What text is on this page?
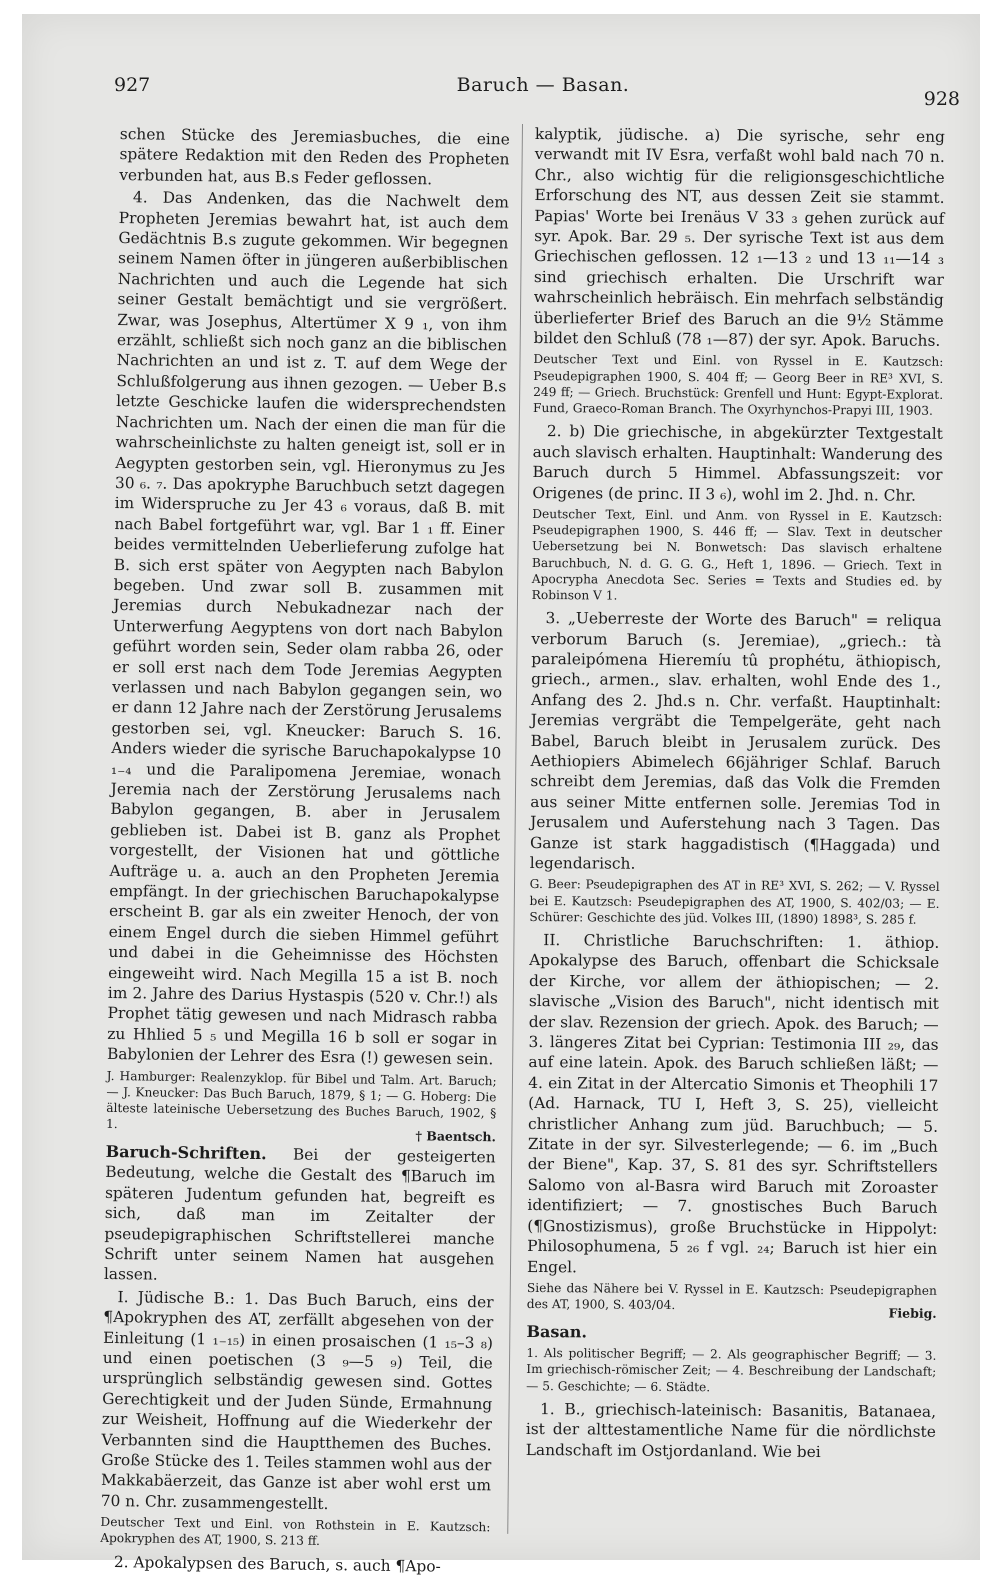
927	Baruch — Basan.
928

schen Stücke des Jeremiasbuches, die eine spätere Redaktion mit den Reden des Propheten verbunden hat, aus B.s Feder geflossen.

4. Das Andenken, das die Nachwelt dem Propheten Jeremias bewahrt hat, ist auch dem Gedächtnis B.s zugute gekommen. Wir begegnen seinem Namen öfter in jüngeren außerbiblischen Nachrichten und auch die Legende hat sich seiner Gestalt bemächtigt und sie vergrößert. Zwar, was Josephus, Altertümer X 9 ₁, von ihm erzählt, schließt sich noch ganz an die biblischen Nachrichten an und ist z. T. auf dem Wege der Schlußfolgerung aus ihnen gezogen. — Ueber B.s letzte Geschicke laufen die widersprechendsten Nachrichten um. Nach der einen die man für die wahrscheinlichste zu halten geneigt ist, soll er in Aegypten gestorben sein, vgl. Hieronymus zu Jes 30 ₆. ₇. Das apokryphe Baruchbuch setzt dagegen im Widerspruche zu Jer 43 ₆ voraus, daß B. mit nach Babel fortgeführt war, vgl. Bar 1 ₁ ff. Einer beides vermittelnden Ueberlieferung zufolge hat B. sich erst später von Aegypten nach Babylon begeben. Und zwar soll B. zusammen mit Jeremias durch Nebukadnezar nach der Unterwerfung Aegyptens von dort nach Babylon geführt worden sein, Seder olam rabba 26, oder er soll erst nach dem Tode Jeremias Aegypten verlassen und nach Babylon gegangen sein, wo er dann 12 Jahre nach der Zerstörung Jerusalems gestorben sei, vgl. Kneucker: Baruch S. 16. Anders wieder die syrische Baruchapokalypse 10 ₁₋₄ und die Paralipomena Jeremiae, wonach Jeremia nach der Zerstörung Jerusalems nach Babylon gegangen, B. aber in Jerusalem geblieben ist. Dabei ist B. ganz als Prophet vorgestellt, der Visionen hat und göttliche Aufträge u. a. auch an den Propheten Jeremia empfängt. In der griechischen Baruchapokalypse erscheint B. gar als ein zweiter Henoch, der von einem Engel durch die sieben Himmel geführt und dabei in die Geheimnisse des Höchsten eingeweiht wird. Nach Megilla 15 a ist B. noch im 2. Jahre des Darius Hystaspis (520 v. Chr.!) als Prophet tätig gewesen und nach Midrasch rabba zu Hhlied 5 ₅ und Megilla 16 b soll er sogar in Babylonien der Lehrer des Esra (!) gewesen sein.

J. Hamburger: Realenzyklop. für Bibel und Talm. Art. Baruch; — J. Kneucker: Das Buch Baruch, 1879, § 1; — G. Hoberg: Die älteste lateinische Uebersetzung des Buches Baruch, 1902, § 1.

† Baentsch.

Baruch-Schriften. Bei der gesteigerten Bedeutung, welche die Gestalt des ¶Baruch im späteren Judentum gefunden hat, begreift es sich, daß man im Zeitalter der pseudepigraphischen Schriftstellerei manche Schrift unter seinem Namen hat ausgehen lassen.

I. Jüdische B.: 1. Das Buch Baruch, eins der ¶Apokryphen des AT, zerfällt abgesehen von der Einleitung (1 ₁₋₁₅) in einen prosaischen (1 ₁₅–3 ₈) und einen poetischen (3 ₉—5 ₉) Teil, die ursprünglich selbständig gewesen sind. Gottes Gerechtigkeit und der Juden Sünde, Ermahnung zur Weisheit, Hoffnung auf die Wiederkehr der Verbannten sind die Hauptthemen des Buches. Große Stücke des 1. Teiles stammen wohl aus der Makkabäerzeit, das Ganze ist aber wohl erst um 70 n. Chr. zusammengestellt.

Deutscher Text und Einl. von Rothstein in E. Kautzsch: Apokryphen des AT, 1900, S. 213 ff.

2. Apokalypsen des Baruch, s. auch ¶Apo-

kalyptik, jüdische. a) Die syrische, sehr eng verwandt mit IV Esra, verfaßt wohl bald nach 70 n. Chr., also wichtig für die religionsgeschichtliche Erforschung des NT, aus dessen Zeit sie stammt. Papias' Worte bei Irenäus V 33 ₃ gehen zurück auf syr. Apok. Bar. 29 ₅. Der syrische Text ist aus dem Griechischen geflossen. 12 ₁—13 ₂ und 13 ₁₁—14 ₃ sind griechisch erhalten. Die Urschrift war wahrscheinlich hebräisch. Ein mehrfach selbständig überlieferter Brief des Baruch an die 9½ Stämme bildet den Schluß (78 ₁—87) der syr. Apok. Baruchs.

Deutscher Text und Einl. von Ryssel in E. Kautzsch: Pseudepigraphen 1900, S. 404 ff; — Georg Beer in RE³ XVI, S. 249 ff; — Griech. Bruchstück: Grenfell und Hunt: Egypt-Explorat. Fund, Graeco-Roman Branch. The Oxyrhynchos-Prapyi III, 1903.

2. b) Die griechische, in abgekürzter Textgestalt auch slavisch erhalten. Hauptinhalt: Wanderung des Baruch durch 5 Himmel. Abfassungszeit: vor Origenes (de princ. II 3 ₆), wohl im 2. Jhd. n. Chr.

Deutscher Text, Einl. und Anm. von Ryssel in E. Kautzsch: Pseudepigraphen 1900, S. 446 ff; — Slav. Text in deutscher Uebersetzung bei N. Bonwetsch: Das slavisch erhaltene Baruchbuch, N. d. G. G. G., Heft 1, 1896. — Griech. Text in Apocrypha Anecdota Sec. Series = Texts and Studies ed. by Robinson V 1.

3. „Ueberreste der Worte des Baruch" = reliqua verborum Baruch (s. Jeremiae), „griech.: tà paraleipómena Hieremíu tû prophétu, äthiopisch, griech., armen., slav. erhalten, wohl Ende des 1., Anfang des 2. Jhd.s n. Chr. verfaßt. Hauptinhalt: Jeremias vergräbt die Tempelgeräte, geht nach Babel, Baruch bleibt in Jerusalem zurück. Des Aethiopiers Abimelech 66jähriger Schlaf. Baruch schreibt dem Jeremias, daß das Volk die Fremden aus seiner Mitte entfernen solle. Jeremias Tod in Jerusalem und Auferstehung nach 3 Tagen. Das Ganze ist stark haggadistisch (¶Haggada) und legendarisch.

G. Beer: Pseudepigraphen des AT in RE³ XVI, S. 262; — V. Ryssel bei E. Kautzsch: Pseudepigraphen des AT, 1900, S. 402/03; — E. Schürer: Geschichte des jüd. Volkes III, (1890) 1898³, S. 285 f.

II. Christliche Baruchschriften: 1. äthiop. Apokalypse des Baruch, offenbart die Schicksale der Kirche, vor allem der äthiopischen; — 2. slavische „Vision des Baruch", nicht identisch mit der slav. Rezension der griech. Apok. des Baruch; — 3. längeres Zitat bei Cyprian: Testimonia III ₂₉, das auf eine latein. Apok. des Baruch schließen läßt; — 4. ein Zitat in der Altercatio Simonis et Theophili 17 (Ad. Harnack, TU I, Heft 3, S. 25), vielleicht christlicher Anhang zum jüd. Baruchbuch; — 5. Zitate in der syr. Silvesterlegende; — 6. im „Buch der Biene", Kap. 37, S. 81 des syr. Schriftstellers Salomo von al-Basra wird Baruch mit Zoroaster identifiziert; — 7. gnostisches Buch Baruch (¶Gnostizismus), große Bruchstücke in Hippolyt: Philosophumena, 5 ₂₆ f vgl. ₂₄; Baruch ist hier ein Engel.

Siehe das Nähere bei V. Ryssel in E. Kautzsch: Pseudepigraphen des AT, 1900, S. 403/04.

Fiebig.

Basan.

1. Als politischer Begriff; — 2. Als geographischer Begriff; — 3. Im griechisch-römischer Zeit; — 4. Beschreibung der Landschaft; — 5. Geschichte; — 6. Städte.

1. B., griechisch-lateinisch: Basanitis, Batanaea, ist der alttestamentliche Name für die nördlichste Landschaft im Ostjordanland. Wie bei
